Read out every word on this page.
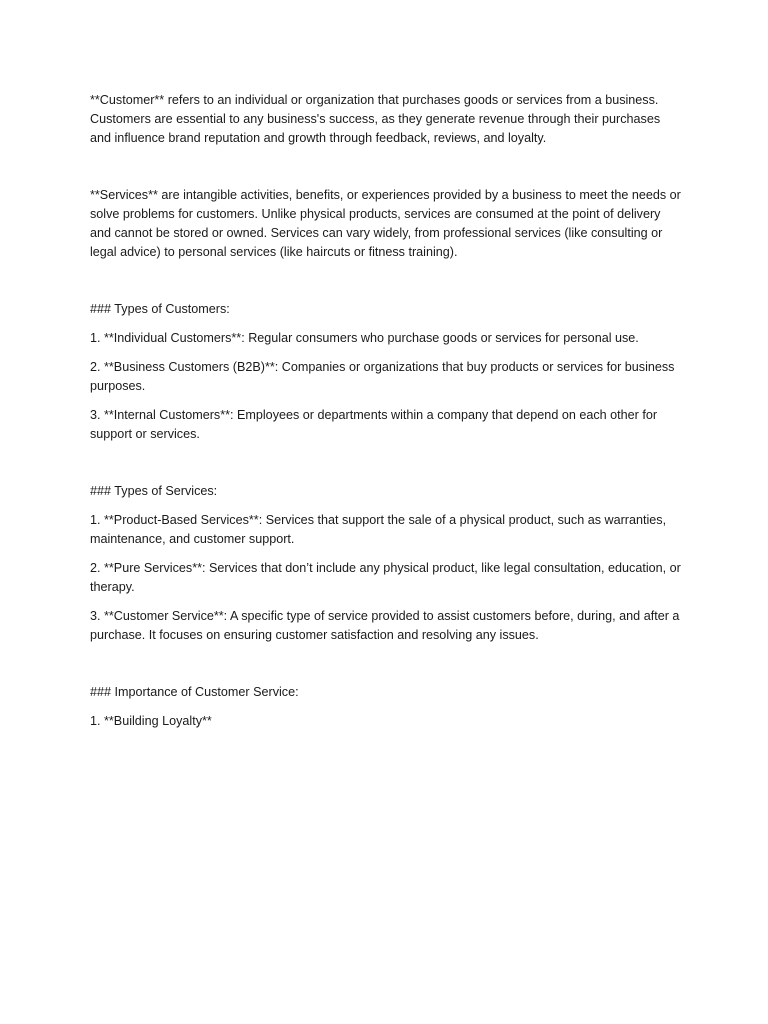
**Customer** refers to an individual or organization that purchases goods or services from a business. Customers are essential to any business's success, as they generate revenue through their purchases and influence brand reputation and growth through feedback, reviews, and loyalty.

**Services** are intangible activities, benefits, or experiences provided by a business to meet the needs or solve problems for customers. Unlike physical products, services are consumed at the point of delivery and cannot be stored or owned. Services can vary widely, from professional services (like consulting or legal advice) to personal services (like haircuts or fitness training).

### Types of Customers:

1. **Individual Customers**: Regular consumers who purchase goods or services for personal use.

2. **Business Customers (B2B)**: Companies or organizations that buy products or services for business purposes.

3. **Internal Customers**: Employees or departments within a company that depend on each other for support or services.

### Types of Services:

1. **Product-Based Services**: Services that support the sale of a physical product, such as warranties, maintenance, and customer support.

2. **Pure Services**: Services that don’t include any physical product, like legal consultation, education, or therapy.

3. **Customer Service**: A specific type of service provided to assist customers before, during, and after a purchase. It focuses on ensuring customer satisfaction and resolving any issues.

### Importance of Customer Service:

1. **Building Loyalty**
